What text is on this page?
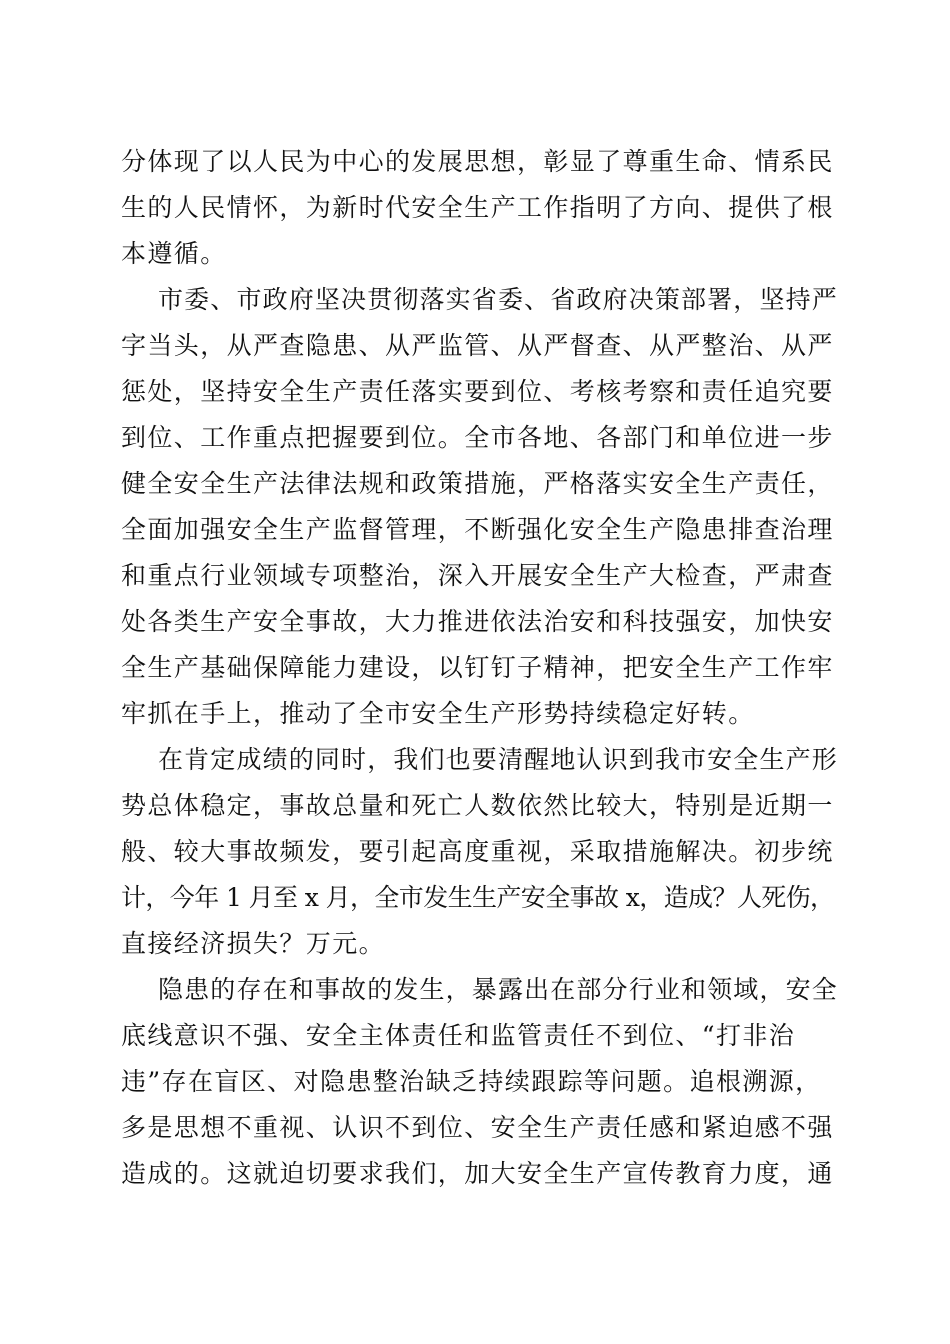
分体现了以人民为中心的发展思想，彰显了尊重生命、情系民
生的人民情怀，为新时代安全生产工作指明了方向、提供了根
本遵循。
市委、市政府坚决贯彻落实省委、省政府决策部署，坚持严
字当头，从严查隐患、从严监管、从严督查、从严整治、从严
惩处，坚持安全生产责任落实要到位、考核考察和责任追究要
到位、工作重点把握要到位。全市各地、各部门和单位进一步
健全安全生产法律法规和政策措施，严格落实安全生产责任，
全面加强安全生产监督管理，不断强化安全生产隐患排查治理
和重点行业领域专项整治，深入开展安全生产大检查，严肃查
处各类生产安全事故，大力推进依法治安和科技强安，加快安
全生产基础保障能力建设，以钉钉子精神，把安全生产工作牢
牢抓在手上，推动了全市安全生产形势持续稳定好转。
在肯定成绩的同时，我们也要清醒地认识到我市安全生产形
势总体稳定，事故总量和死亡人数依然比较大，特别是近期一
般、较大事故频发，要引起高度重视，采取措施解决。初步统
计，今年 1 月至 x 月，全市发生生产安全事故 x，造成？人死伤，
直接经济损失？万元。
隐患的存在和事故的发生，暴露出在部分行业和领域，安全
底线意识不强、安全主体责任和监管责任不到位、“打非治
违”存在盲区、对隐患整治缺乏持续跟踪等问题。追根溯源，
多是思想不重视、认识不到位、安全生产责任感和紧迫感不强
造成的。这就迫切要求我们，加大安全生产宣传教育力度，通
